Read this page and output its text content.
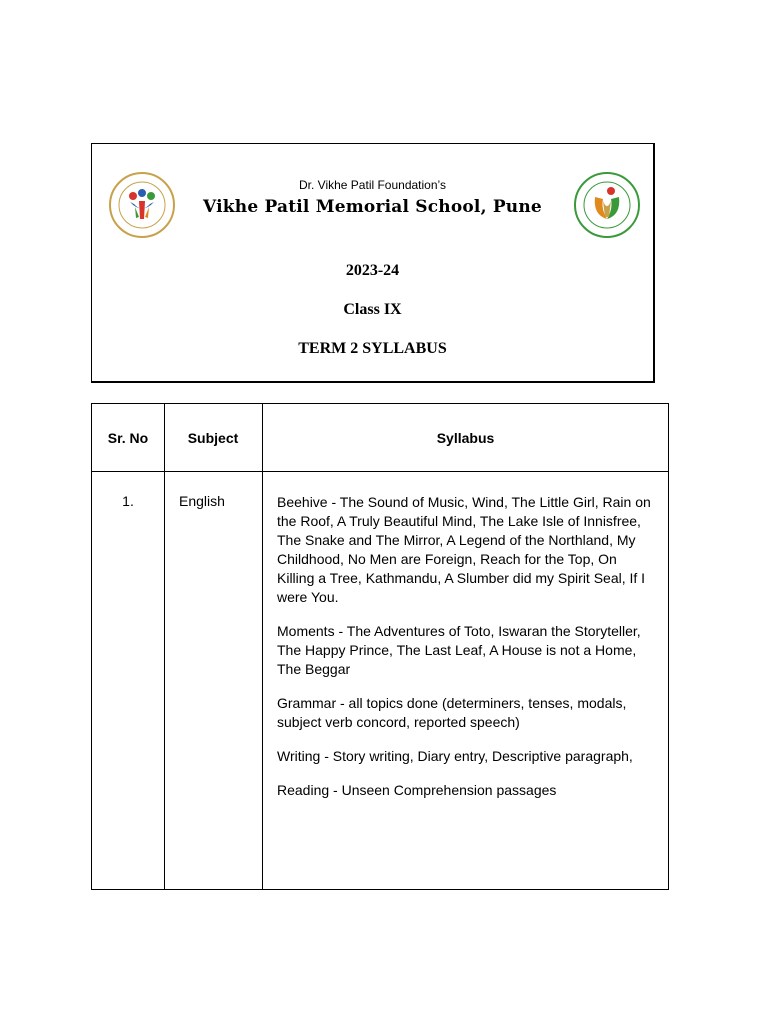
Dr. Vikhe Patil Foundation’s
Vikhe Patil Memorial School, Pune
2023-24
Class IX
TERM 2 SYLLABUS
Sr. No	Subject	Syllabus
1.	English	Beehive - The Sound of Music, Wind, The Little Girl, Rain on the Roof, A Truly Beautiful Mind, The Lake Isle of Innisfree, The Snake and The Mirror, A Legend of the Northland, My Childhood, No Men are Foreign, Reach for the Top, On Killing a Tree, Kathmandu, A Slumber did my Spirit Seal, If I were You.

Moments - The Adventures of Toto, Iswaran the Storyteller, The Happy Prince, The Last Leaf, A House is not a Home, The Beggar

Grammar - all topics done (determiners, tenses, modals, subject verb concord, reported speech)

Writing - Story writing, Diary entry, Descriptive paragraph,

Reading - Unseen Comprehension passages
